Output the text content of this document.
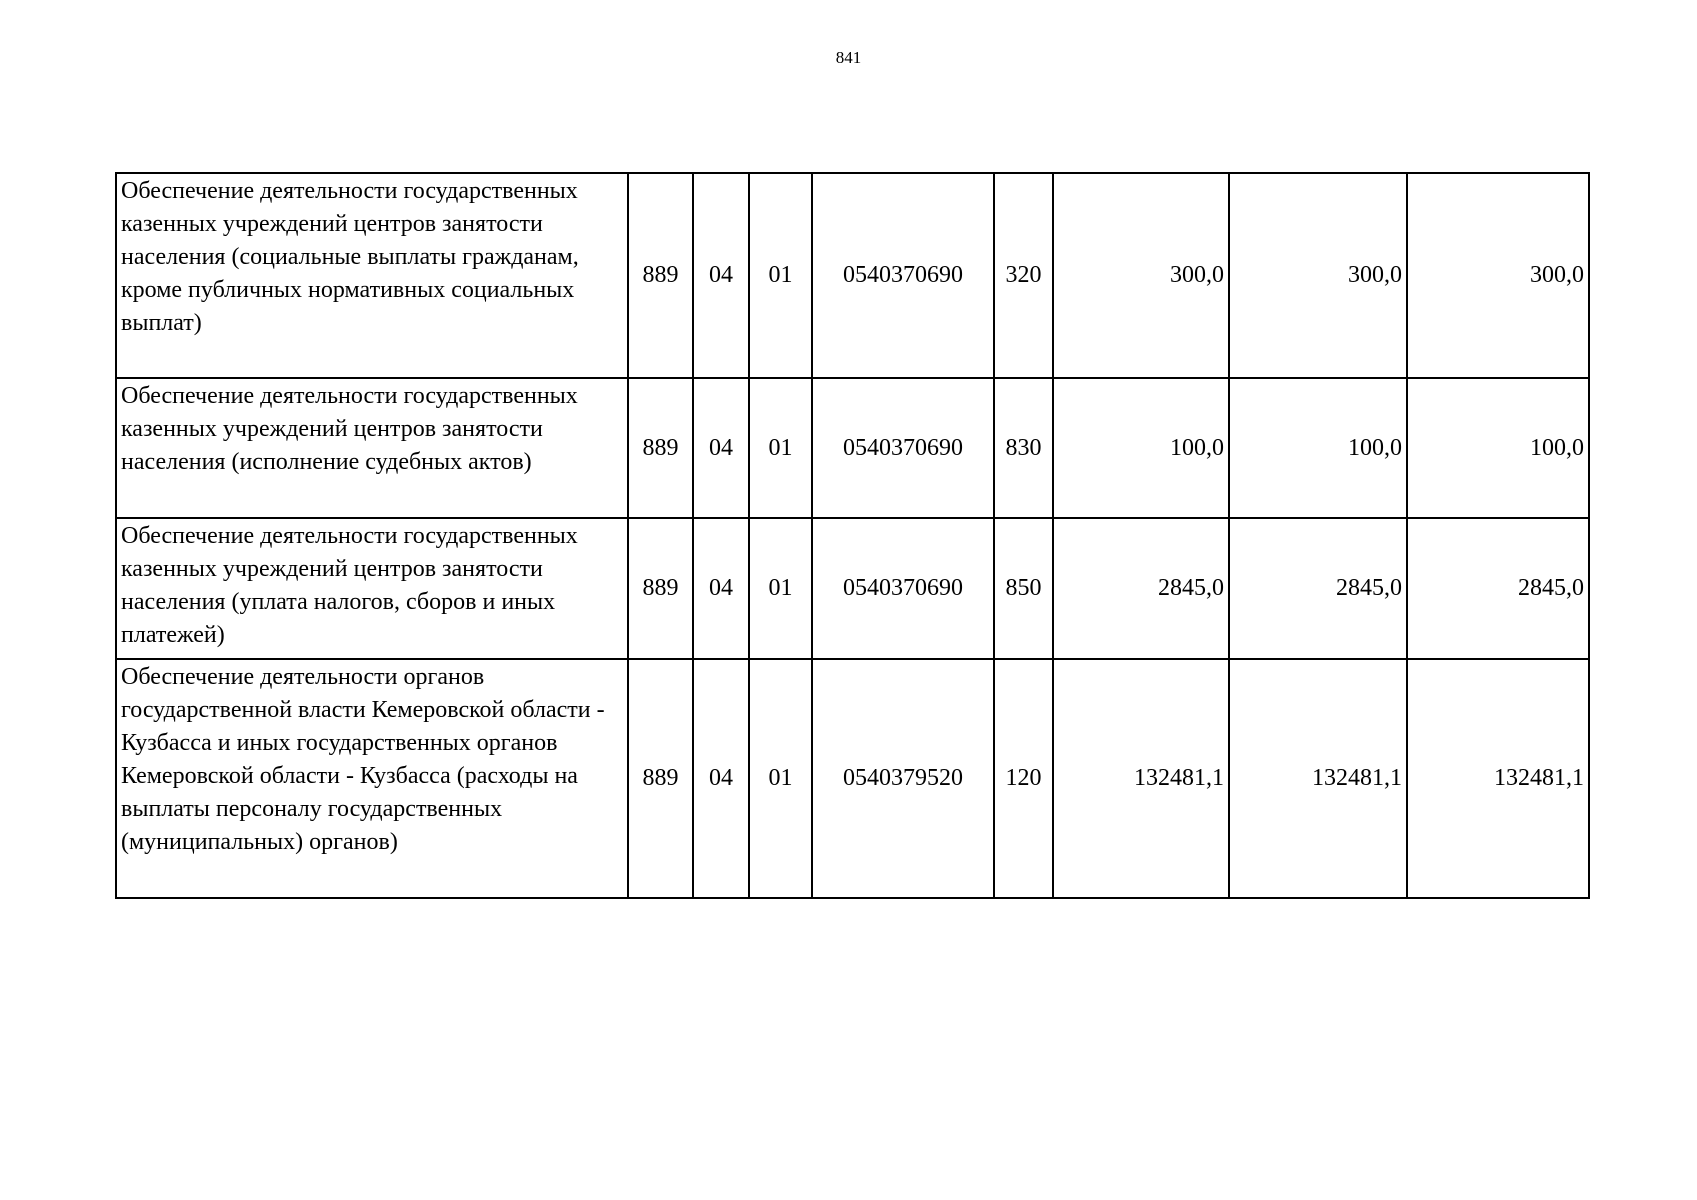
841
Обеспечение деятельности государственных казенных учреждений центров занятости населения (социальные выплаты гражданам, кроме публичных нормативных социальных выплат)	889	04	01	0540370690	320	300,0	300,0	300,0
Обеспечение деятельности государственных казенных учреждений центров занятости населения (исполнение судебных актов)	889	04	01	0540370690	830	100,0	100,0	100,0
Обеспечение деятельности государственных казенных учреждений центров занятости населения (уплата налогов, сборов и иных платежей)	889	04	01	0540370690	850	2845,0	2845,0	2845,0
Обеспечение деятельности органов государственной власти Кемеровской области - Кузбасса и иных государственных органов Кемеровской области - Кузбасса (расходы на выплаты персоналу государственных (муниципальных) органов)	889	04	01	0540379520	120	132481,1	132481,1	132481,1
